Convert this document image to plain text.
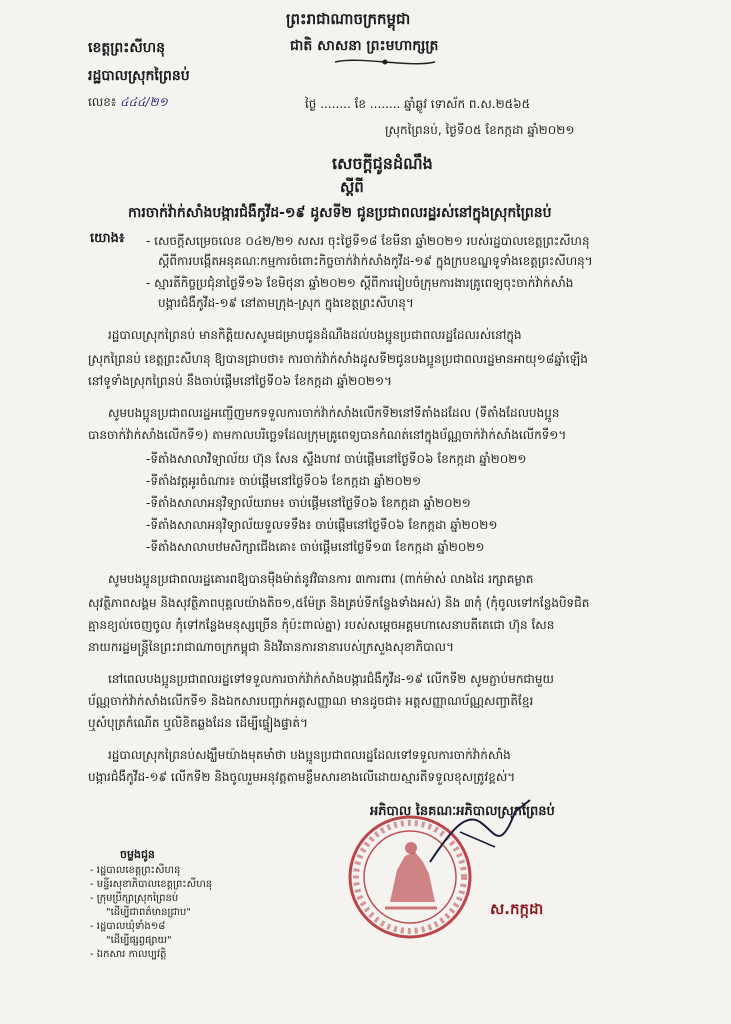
ព្រះរាជាណាចក្រកម្ពុជា
ជាតិ សាសនា ព្រះមហាក្សត្រ
ខេត្តព្រះសីហនុ
រដ្ឋបាលស្រុកព្រៃនប់
លេខ៖ ៤៤៤/២១	ថ្ងៃ ........ ខែ ........ ឆ្នាំឆ្លូវ ទោស័ក ព.ស.២៥៦៥
ស្រុកព្រៃនប់, ថ្ងៃទី០៥ ខែកក្កដា ឆ្នាំ២០២១
សេចក្តីជូនដំណឹង
ស្តីពី
ការចាក់វ៉ាក់សាំងបង្ការជំងឺកូវីដ-១៩ ដូសទី២ ជូនប្រជាពលរដ្ឋរស់នៅក្នុងស្រុកព្រៃនប់
យោង៖ - សេចក្តីសម្រេចលេខ ០៤២/២១ សសរ ចុះថ្ងៃទី១៨ ខែមីនា ឆ្នាំ២០២១ របស់រដ្ឋបាលខេត្តព្រះសីហនុ
ស្តីពីការបង្កើតអនុគណៈកម្មការចំពោះកិច្ចចាក់វ៉ាក់សាំងកូវីដ-១៩ ក្នុងក្របខណ្ឌទូទាំងខេត្តព្រះសីហនុ។
- ស្មារតីកិច្ចប្រជុំនាថ្ងៃទី១៦ ខែមិថុនា ឆ្នាំ២០២១ ស្តីពីការរៀបចំក្រុមការងារគ្រូពេទ្យចុះចាក់វ៉ាក់សាំង
បង្ការជំងឺកូវីដ-១៩ នៅតាមក្រុង-ស្រុក ក្នុងខេត្តព្រះសីហនុ។
រដ្ឋបាលស្រុកព្រៃនប់ មានកិត្តិយសសូមជម្រាបជូនដំណឹងដល់បងប្អូនប្រជាពលរដ្ឋដែលរស់នៅក្នុង
ស្រុកព្រៃនប់ ខេត្តព្រះសីហនុ ឱ្យបានជ្រាបថា៖ ការចាក់វ៉ាក់សាំងដូសទី២ជូនបងប្អូនប្រជាពលរដ្ឋមានអាយុ១៨ឆ្នាំឡើង
នៅទូទាំងស្រុកព្រៃនប់ នឹងចាប់ផ្តើមនៅថ្ងៃទី០៦ ខែកក្កដា ឆ្នាំ២០២១។
សូមបងប្អូនប្រជាពលរដ្ឋអញ្ជើញមកទទួលការចាក់វ៉ាក់សាំងលើកទី២នៅទីតាំងដដែល (ទីតាំងដែលបងប្អូន
បានចាក់វ៉ាក់សាំងលើកទី១) តាមកាលបរិច្ឆេទដែលក្រុមគ្រូពេទ្យបានកំណត់នៅក្នុងប័ណ្ណចាក់វ៉ាក់សាំងលើកទី១។
-ទីតាំងសាលាវិទ្យាល័យ ហ៊ុន សែន ស្ទឹងហាវ ចាប់ផ្តើមនៅថ្ងៃទី០៦ ខែកក្កដា ឆ្នាំ២០២១
-ទីតាំងវត្តអូរចំណារ៖ ចាប់ផ្តើមនៅថ្ងៃទី០៦ ខែកក្កដា ឆ្នាំ២០២១
-ទីតាំងសាលាអនុវិទ្យាល័យរាម៖ ចាប់ផ្តើមនៅថ្ងៃទី០៦ ខែកក្កដា ឆ្នាំ២០២១
-ទីតាំងសាលាអនុវិទ្យាល័យទួលទទឹង៖ ចាប់ផ្តើមនៅថ្ងៃទី០៦ ខែកក្កដា ឆ្នាំ២០២១
-ទីតាំងសាលាបឋមសិក្សាជើងគោ៖ ចាប់ផ្តើមនៅថ្ងៃទី១៣ ខែកក្កដា ឆ្នាំ២០២១
សូមបងប្អូនប្រជាពលរដ្ឋគោរពឱ្យបានម៉ឺងម៉ាត់នូវវិធានការ ៣ការពារ (ពាក់ម៉ាស់ លាងដៃ រក្សាគម្លាត
សុវត្ថិភាពសង្គម និងសុវត្ថិភាពបុគ្គលយ៉ាងតិច១,៥ម៉ែត្រ និងគ្រប់ទីកន្លែងទាំងអស់) និង ៣កុំ (កុំចូលទៅកន្លែងបិទជិត
គ្មានខ្យល់ចេញចូល កុំទៅកន្លែងមនុស្សច្រើន កុំប៉ះពាល់គ្នា) របស់សម្តេចអគ្គមហាសេនាបតីតេជោ ហ៊ុន សែន
នាយករដ្ឋមន្ត្រីនៃព្រះរាជាណាចក្រកម្ពុជា និងវិធានការនានារបស់ក្រសួងសុខាភិបាល។
នៅពេលបងប្អូនប្រជាពលរដ្ឋទៅទទួលការចាក់វ៉ាក់សាំងបង្ការជំងឺកូវីដ-១៩ លើកទី២ សូមភ្ជាប់មកជាមួយ
ប័ណ្ណចាក់វ៉ាក់សាំងលើកទី១ និងឯកសារបញ្ជាក់អត្តសញ្ញាណ មានដូចជា៖ អត្តសញ្ញាណប័ណ្ណសញ្ជាតិខ្មែរ
ឬសំបុត្រកំណើត ឬលិខិតឆ្លងដែន ដើម្បីផ្ទៀងផ្ទាត់។
រដ្ឋបាលស្រុកព្រៃនប់សង្ឃឹមយ៉ាងមុតមាំថា បងប្អូនប្រជាពលរដ្ឋដែលទៅទទួលការចាក់វ៉ាក់សាំង
បង្ការជំងឺកូវីដ-១៩ លើកទី២ និងចូលរួមអនុវត្តតាមខ្លឹមសារខាងលើដោយស្មារតីទទួលខុសត្រូវខ្ពស់។
អភិបាល នៃគណៈអភិបាលស្រុកព្រៃនប់
ស.កក្កដា
ចម្លងជូន
- រដ្ឋបាលខេត្តព្រះសីហនុ
- មន្ទីរសុខាភិបាលខេត្តព្រះសីហនុ
- ក្រុមប្រឹក្សាស្រុកព្រៃនប់
"ដើម្បីជាពត៌មានជ្រាប"
- រដ្ឋបាលឃុំទាំង១៨
"ដើម្បីផ្សព្វផ្សាយ"
- ឯកសារ កាលប្បវត្តិ
